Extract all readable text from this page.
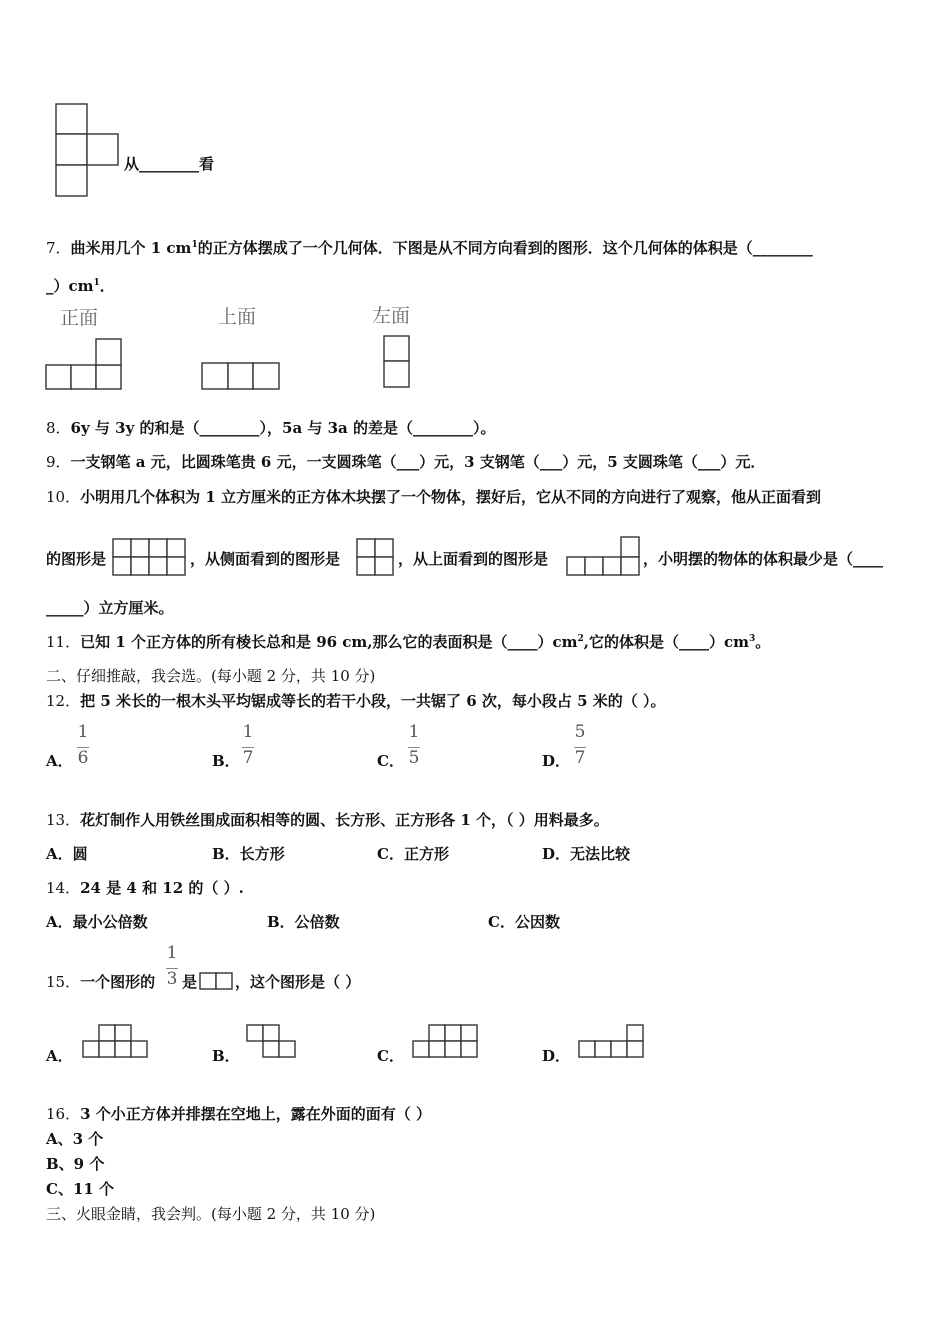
从________看
7．曲米用几个 1 $cm^1$的正方体摆成了一个几何体．下图是从不同方向看到的图形．这个几何体的体积是（________
$\_)cm^1$．
正面	上面	左面
8．6y 与 3y 的和是（________），5a 与 3a 的差是（________）。
9．一支钢笔 a 元，比圆珠笔贵 6 元，一支圆珠笔（___）元，3 支钢笔（___）元，5 支圆珠笔（___）元．
10．小明用几个体积为 1 立方厘米的正方体木块摆了一个物体，摆好后，它从不同的方向进行了观察，他从正面看到
的图形是	，从侧面看到的图形是	，从上面看到的图形是	，小明摆的物体的体积最少是（____
_____）立方厘米。
11．已知 1 个正方体的所有棱长总和是 96 cm,那么它的表面积是$(\_\_\_\_)cm^2$,它的体积是$(\_\_\_\_)cm^3$。
二、仔细推敲，我会选。(每小题 2 分，共 10 分)
12．把 5 米长的一根木头平均锯成等长的若干小段，一共锯了 6 次，每小段占 5 米的（ ）。
A．
1
6	B．
1
7	C．
1
5	D．
5
7
13．花灯制作人用铁丝围成面积相等的圆、长方形、正方形各 1 个，（ ）用料最多。
A．圆	B．长方形	C．正方形	D．无法比较
14．24 是 4 和 12 的（ ）.
A．最小公倍数	B．公倍数	C．公因数
15．一个图形的
1
3 是	，这个图形是（ ）
A．	B．	C．	D．
16．3 个小正方体并排摆在空地上，露在外面的面有（ ）
A、3 个
B、9 个
C、11 个
三、火眼金睛，我会判。(每小题 2 分，共 10 分)
